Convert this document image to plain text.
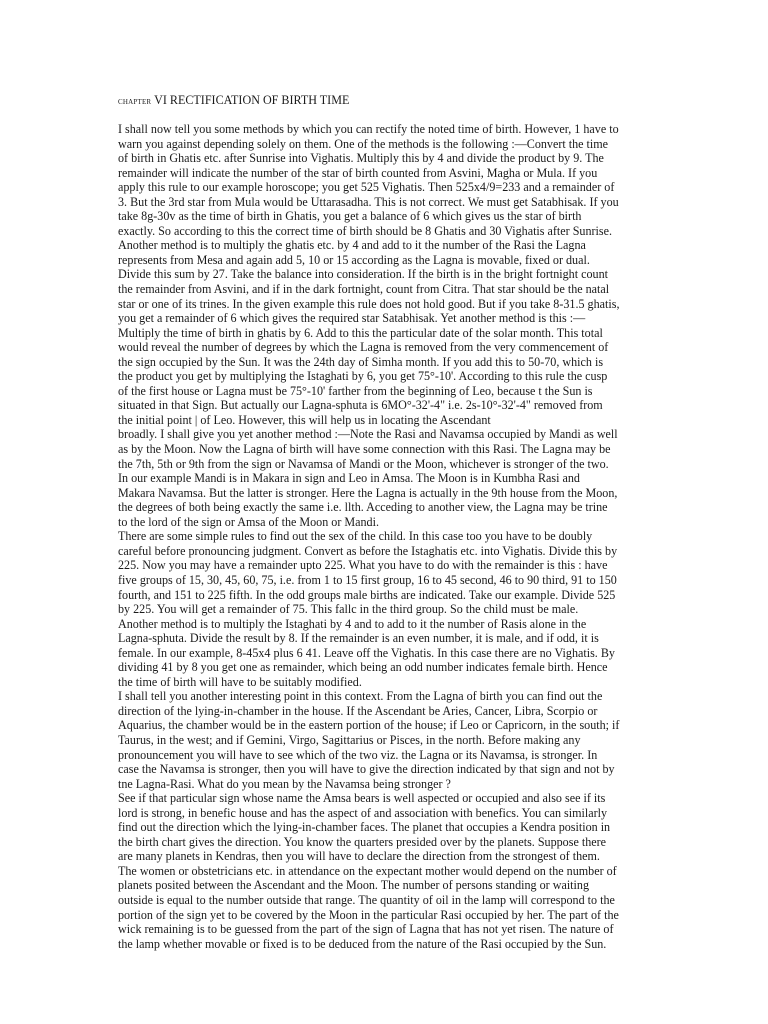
CHAPTER VI RECTIFICATION OF BIRTH TIME
I shall now tell you some methods by which you can rectify the noted time of birth. However, 1 have to
warn you against depending solely on them. One of the methods is the following :—Convert the time
of birth in Ghatis etc. after Sunrise into Vighatis. Multiply this by 4 and divide the product by 9. The
remainder will indicate the number of the star of birth counted from Asvini, Magha or Mula. If you
apply this rule to our example horoscope; you get 525 Vighatis. Then 525x4/9=233 and a remainder of
3. But the 3rd star from Mula would be Uttarasadha. This is not correct. We must get Satabhisak. If you
take 8g-30v as the time of birth in Ghatis, you get a balance of 6 which gives us the star of birth
exactly. So according to this the correct time of birth should be 8 Ghatis and 30 Vighatis after Sunrise.
Another method is to multiply the ghatis etc. by 4 and add to it the number of the Rasi the Lagna
represents from Mesa and again add 5, 10 or 15 according as the Lagna is movable, fixed or dual.
Divide this sum by 27. Take the balance into consideration. If the birth is in the bright fortnight count
the remainder from Asvini, and if in the dark fortnight, count from Citra. That star should be the natal
star or one of its trines. In the given example this rule does not hold good. But if you take 8-31.5 ghatis,
you get a remainder of 6 which gives the required star Satabhisak. Yet another method is this :—
Multiply the time of birth in ghatis by 6. Add to this the particular date of the solar month. This total
would reveal the number of degrees by which the Lagna is removed from the very commencement of
the sign occupied by the Sun. It was the 24th day of Simha month. If you add this to 50-70, which is
the product you get by multiplying the Istaghati by 6, you get 75°-10'. According to this rule the cusp
of the first house or Lagna must be 75°-10' farther from the beginning of Leo, because t the Sun is
situated in that Sign. But actually our Lagna-sphuta is 6MO°-32'-4" i.e. 2s-10°-32'-4" removed from
the initial point | of Leo. However, this will help us in locating the Ascendant
broadly. I shall give you yet another method :—Note the Rasi and Navamsa occupied by Mandi as well
as by the Moon. Now the Lagna of birth will have some connection with this Rasi. The Lagna may be
the 7th, 5th or 9th from the sign or Navamsa of Mandi or the Moon, whichever is stronger of the two.
In our example Mandi is in Makara in sign and Leo in Amsa. The Moon is in Kumbha Rasi and
Makara Navamsa. But the latter is stronger. Here the Lagna is actually in the 9th house from the Moon,
the degrees of both being exactly the same i.e. llth. Acceding to another view, the Lagna may be trine
to the lord of the sign or Amsa of the Moon or Mandi.
There are some simple rules to find out the sex of the child. In this case too you have to be doubly
careful before pronouncing judgment. Convert as before the Istaghatis etc. into Vighatis. Divide this by
225. Now you may have a remainder upto 225. What you have to do with the remainder is this : have
five groups of 15, 30, 45, 60, 75, i.e. from 1 to 15 first group, 16 to 45 second, 46 to 90 third, 91 to 150
fourth, and 151 to 225 fifth. In the odd groups male births are indicated. Take our example. Divide 525
by 225. You will get a remainder of 75. This fallc in the third group. So the child must be male.
Another method is to multiply the Istaghati by 4 and to add to it the number of Rasis alone in the
Lagna-sphuta. Divide the result by 8. If the remainder is an even number, it is male, and if odd, it is
female. In our example, 8-45x4 plus 6 41. Leave off the Vighatis. In this case there are no Vighatis. By
dividing 41 by 8 you get one as remainder, which being an odd number indicates female birth. Hence
the time of birth will have to be suitably modified.
I shall tell you another interesting point in this context. From the Lagna of birth you can find out the
direction of the lying-in-chamber in the house. If the Ascendant be Aries, Cancer, Libra, Scorpio or
Aquarius, the chamber would be in the eastern portion of the house; if Leo or Capricorn, in the south; if
Taurus, in the west; and if Gemini, Virgo, Sagittarius or Pisces, in the north. Before making any
pronouncement you will have to see which of the two viz. the Lagna or its Navamsa, is stronger. In
case the Navamsa is stronger, then you will have to give the direction indicated by that sign and not by
tne Lagna-Rasi. What do you mean by the Navamsa being stronger ?
See if that particular sign whose name the Amsa bears is well aspected or occupied and also see if its
lord is strong, in benefic house and has the aspect of and association with benefics. You can similarly
find out the direction which the lying-in-chamber faces. The planet that occupies a Kendra position in
the birth chart gives the direction. You know the quarters presided over by the planets. Suppose there
are many planets in Kendras, then you will have to declare the direction from the strongest of them.
The women or obstetricians etc. in attendance on the expectant mother would depend on the number of
planets posited between the Ascendant and the Moon. The number of persons standing or waiting
outside is equal to the number outside that range. The quantity of oil in the lamp will correspond to the
portion of the sign yet to be covered by the Moon in the particular Rasi occupied by her. The part of the
wick remaining is to be guessed from the part of the sign of Lagna that has not yet risen. The nature of
the lamp whether movable or fixed is to be deduced from the nature of the Rasi occupied by the Sun.
